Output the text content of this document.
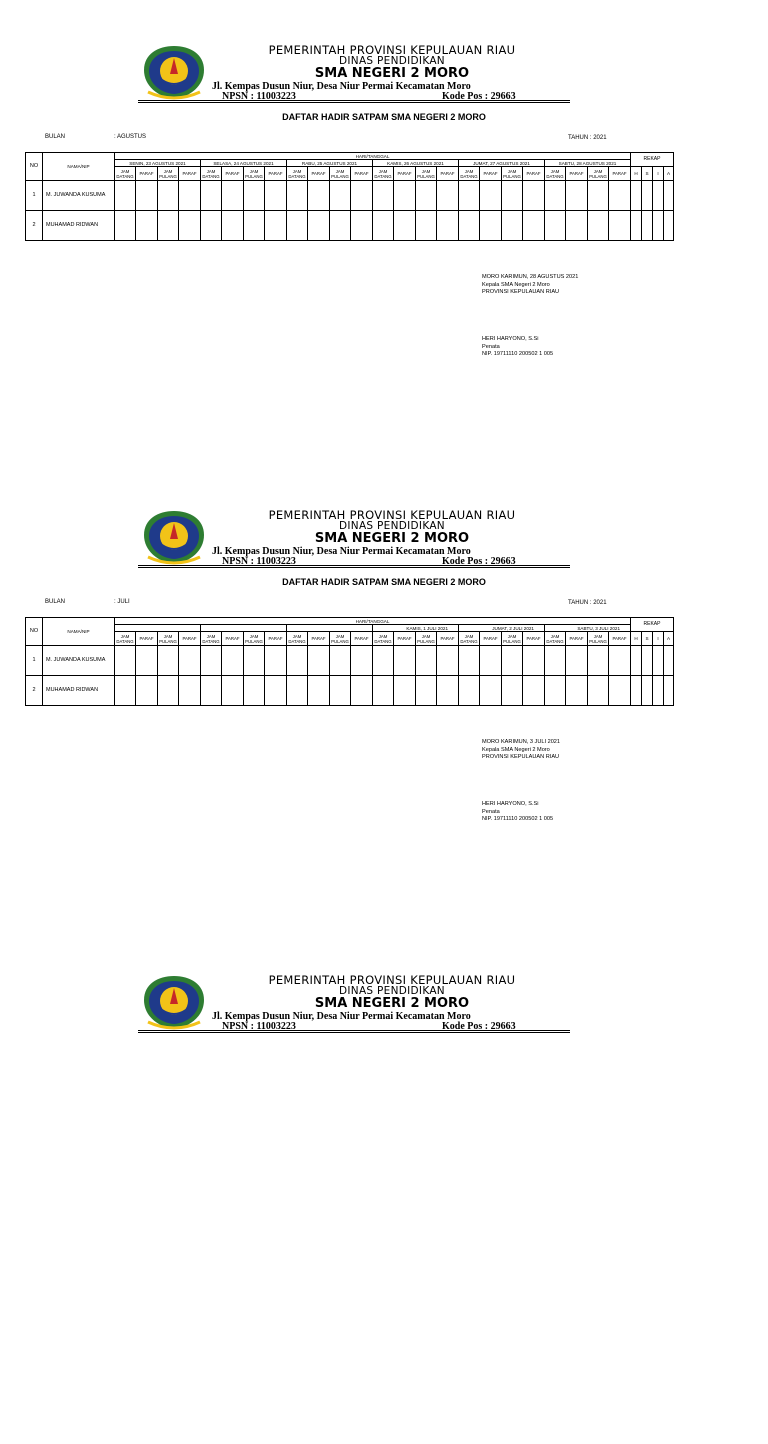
PEMERINTAH PROVINSI KEPULAUAN RIAU
DINAS PENDIDIKAN
SMA NEGERI 2 MORO
Jl. Kempas Dusun Niur, Desa Niur Permai Kecamatan Moro
NPSN : 11003223	Kode Pos : 29663
DAFTAR HADIR SATPAM SMA NEGERI 2 MORO
BULAN	: AGUSTUS	TAHUN : 2021
NO	NAMA/NIP	HARI/TANGGAL																								REKAP			
		SENIN, 23 AGUSTUS 2021				SELASA, 24 AGUSTUS 2021				RABU, 25 AGUSTUS 2021				KAMIS, 26 AGUSTUS 2021				JUMAT, 27 AGUSTUS 2021				SABTU, 28 AGUSTUS 2021							
		JAM DATANG	PARAF	JAM PULANG	PARAF	JAM DATANG	PARAF	JAM PULANG	PARAF	JAM DATANG	PARAF	JAM PULANG	PARAF	JAM DATANG	PARAF	JAM PULANG	PARAF	JAM DATANG	PARAF	JAM PULANG	PARAF	JAM DATANG	PARAF	JAM PULANG	PARAF	H	S	I	A
1	M. JUWANDA KUSUMA																												
2	MUHAMAD RIDWAN																												
MORO KARIMUN, 28 AGUSTUS 2021
Kepala SMA Negeri 2 Moro
PROVINSI KEPULAUAN RIAU
HERI HARYONO, S.Si
Penata
NIP. 19711110 200502 1 005
PEMERINTAH PROVINSI KEPULAUAN RIAU
DINAS PENDIDIKAN
SMA NEGERI 2 MORO
Jl. Kempas Dusun Niur, Desa Niur Permai Kecamatan Moro
NPSN : 11003223	Kode Pos : 29663
DAFTAR HADIR SATPAM SMA NEGERI 2 MORO
BULAN	: JULI	TAHUN : 2021
NO	NAMA/NIP	HARI/TANGGAL																								REKAP			
														KAMIS, 1 JULI 2021				JUMAT, 2 JULI 2021				SABTU, 3 JULI 2021							
		JAM DATANG	PARAF	JAM PULANG	PARAF	JAM DATANG	PARAF	JAM PULANG	PARAF	JAM DATANG	PARAF	JAM PULANG	PARAF	JAM DATANG	PARAF	JAM PULANG	PARAF	JAM DATANG	PARAF	JAM PULANG	PARAF	JAM DATANG	PARAF	JAM PULANG	PARAF	H	S	I	A
1	M. JUWANDA KUSUMA																												
2	MUHAMAD RIDWAN																												
MORO KARIMUN, 3 JULI 2021
Kepala SMA Negeri 2 Moro
PROVINSI KEPULAUAN RIAU
HERI HARYONO, S.Si
Penata
NIP. 19711110 200502 1 005
PEMERINTAH PROVINSI KEPULAUAN RIAU
DINAS PENDIDIKAN
SMA NEGERI 2 MORO
Jl. Kempas Dusun Niur, Desa Niur Permai Kecamatan Moro
NPSN : 11003223	Kode Pos : 29663
